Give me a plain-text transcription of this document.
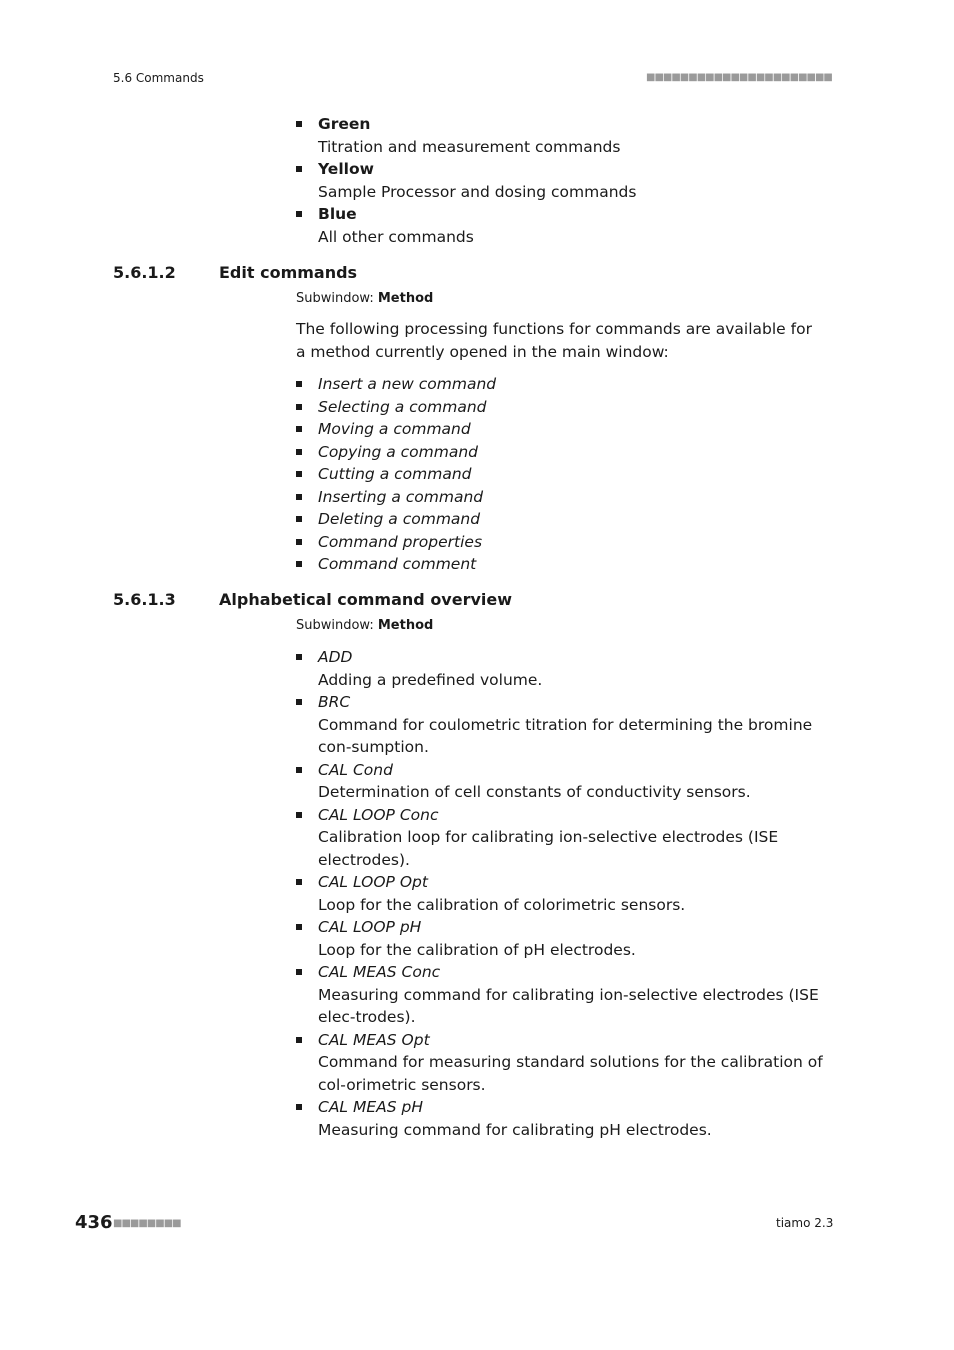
5.6 Commands	■■■■■■■■■■■■■■■■■■■■■■
Green
Titration and measurement commands
Yellow
Sample Processor and dosing commands
Blue
All other commands
5.6.1.2	Edit commands
Subwindow: Method
The following processing functions for commands are available for a method currently opened in the main window:
Insert a new command
Selecting a command
Moving a command
Copying a command
Cutting a command
Inserting a command
Deleting a command
Command properties
Command comment
5.6.1.3	Alphabetical command overview
Subwindow: Method
ADD
Adding a predefined volume.
BRC
Command for coulometric titration for determining the bromine con-sumption.
CAL Cond
Determination of cell constants of conductivity sensors.
CAL LOOP Conc
Calibration loop for calibrating ion-selective electrodes (ISE electrodes).
CAL LOOP Opt
Loop for the calibration of colorimetric sensors.
CAL LOOP pH
Loop for the calibration of pH electrodes.
CAL MEAS Conc
Measuring command for calibrating ion-selective electrodes (ISE elec-trodes).
CAL MEAS Opt
Command for measuring standard solutions for the calibration of col-orimetric sensors.
CAL MEAS pH
Measuring command for calibrating pH electrodes.
436 ■■■■■■■■	tiamo 2.3
